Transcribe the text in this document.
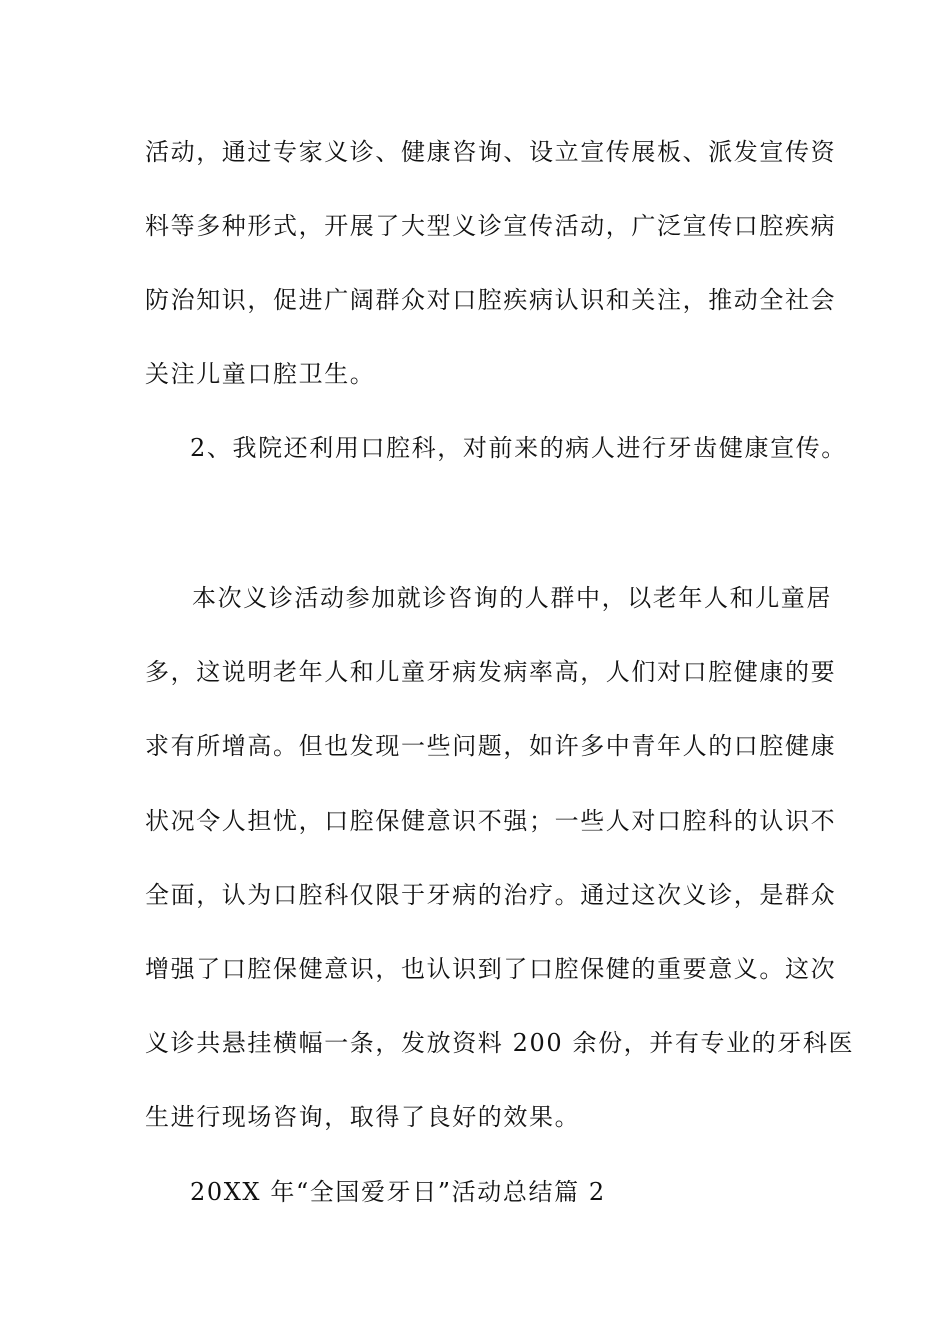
活动，通过专家义诊、健康咨询、设立宣传展板、派发宣传资
料等多种形式，开展了大型义诊宣传活动，广泛宣传口腔疾病
防治知识，促进广阔群众对口腔疾病认识和关注，推动全社会
关注儿童口腔卫生。
2、我院还利用口腔科，对前来的病人进行牙齿健康宣传。
本次义诊活动参加就诊咨询的人群中，以老年人和儿童居
多，这说明老年人和儿童牙病发病率高，人们对口腔健康的要
求有所增高。但也发现一些问题，如许多中青年人的口腔健康
状况令人担忧，口腔保健意识不强；一些人对口腔科的认识不
全面，认为口腔科仅限于牙病的治疗。通过这次义诊，是群众
增强了口腔保健意识，也认识到了口腔保健的重要意义。这次
义诊共悬挂横幅一条，发放资料 200 余份，并有专业的牙科医
生进行现场咨询，取得了良好的效果。
20XX 年“全国爱牙日”活动总结篇 2
